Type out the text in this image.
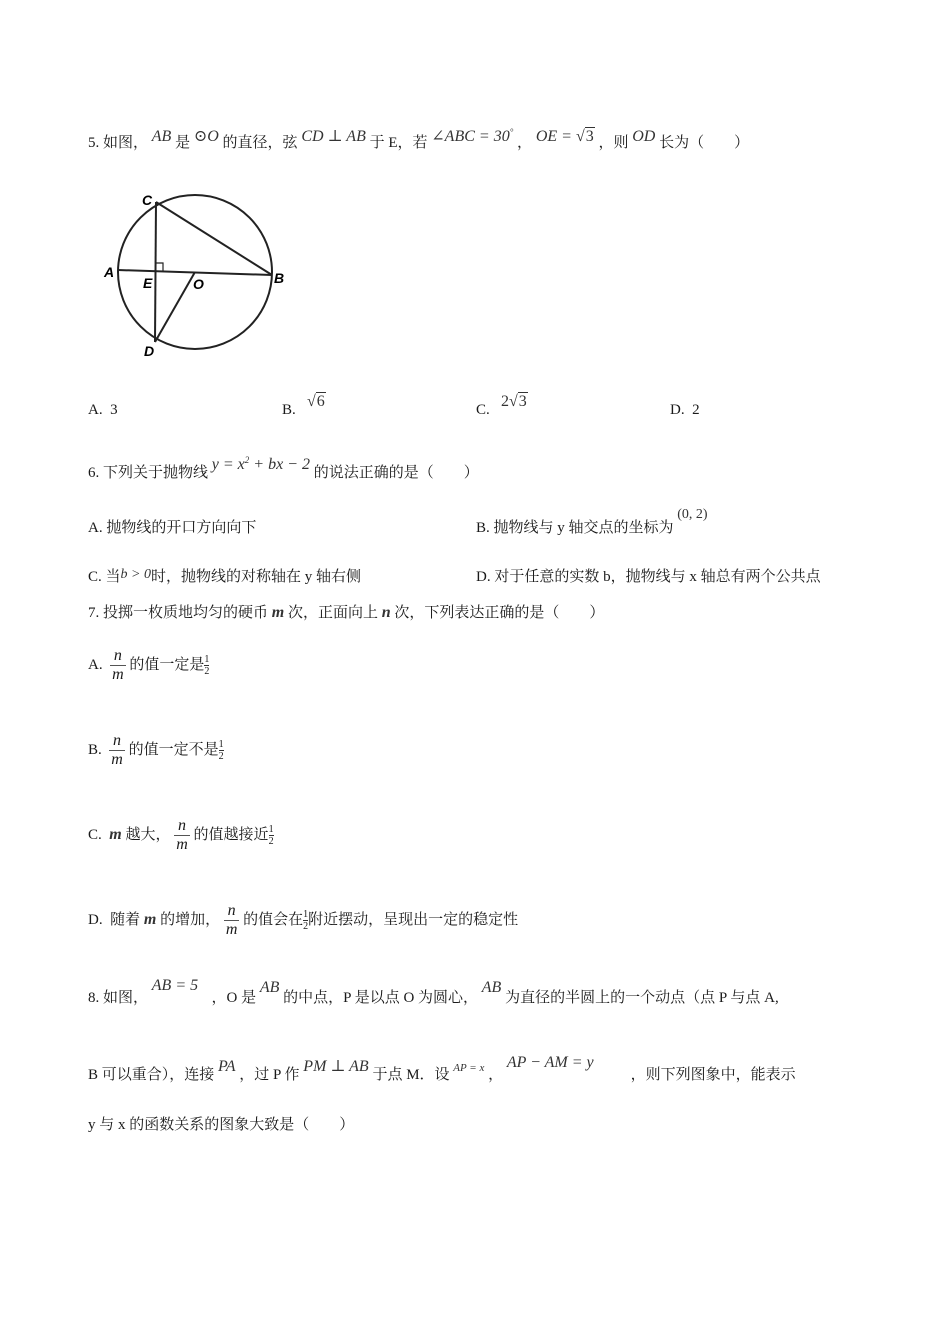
5. 如图， AB 是 ⊙O 的直径，弦 CD ⊥ AB 于 E，若 ∠ABC = 30° ， OE = √3 ，则 OD 长为（　　）
C
A
E	O	B
D
A. 3	B. √6	C. 2√3	D. 2
6. 下列关于抛物线 $y = x^2$ + bx − 2 的说法正确的是（　　）
A. 抛物线的开口方向向下	B. 抛物线与 y 轴交点的坐标为 (0, 2)
C. 当b > 0时，抛物线的对称轴在 y 轴右侧	D. 对于任意的实数 b，抛物线与 x 轴总有两个公共点
7. 投掷一枚质地均匀的硬币 m 次，正面向上 n 次，下列表达正确的是（　　）
A. $\frac{n}{m}$ 的值一定是 $\frac{1}{2}$
B. $\frac{n}{m}$ 的值一定不是 $\frac{1}{2}$
C. m 越大， $\frac{n}{m}$ 的值越接近 $\frac{1}{2}$
D. 随着 m 的增加， $\frac{n}{m}$ 的值会在 $\frac{1}{2}$ 附近摆动，呈现出一定的稳定性
8. 如图， AB = 5 ，O 是 AB 的中点，P 是以点 O 为圆心， AB 为直径的半圆上的一个动点（点 P 与点 A,
B 可以重合），连接 PA ，过 P 作 PM ⊥ AB 于点 M．设 $^{AP = x}$ ， AP − AM = y ，则下列图象中，能表示
y 与 x 的函数关系的图象大致是（　　）
